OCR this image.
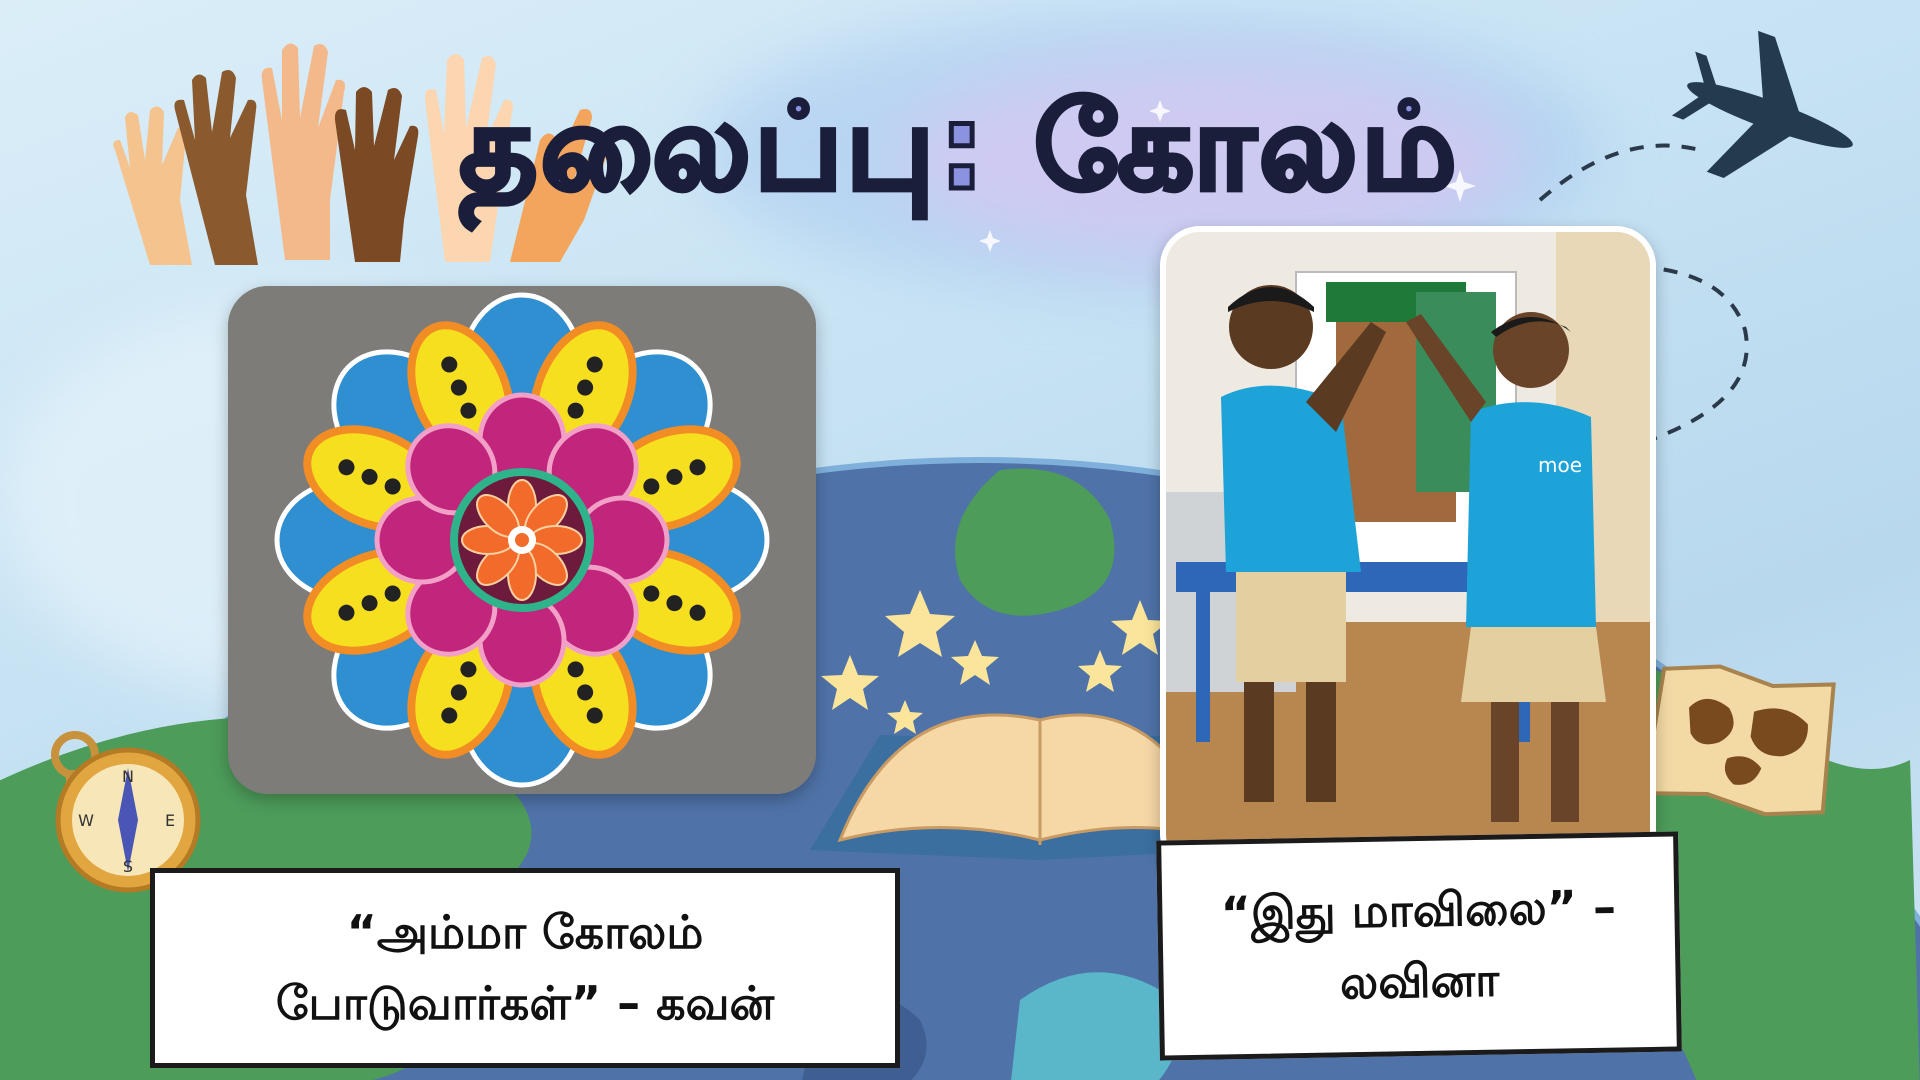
N
S
E
W
தலைப்பு: கோலம்
moe
“அம்மா கோலம்
போடுவார்கள்” – கவன்
“இது மாவிலை” –
லவினா
